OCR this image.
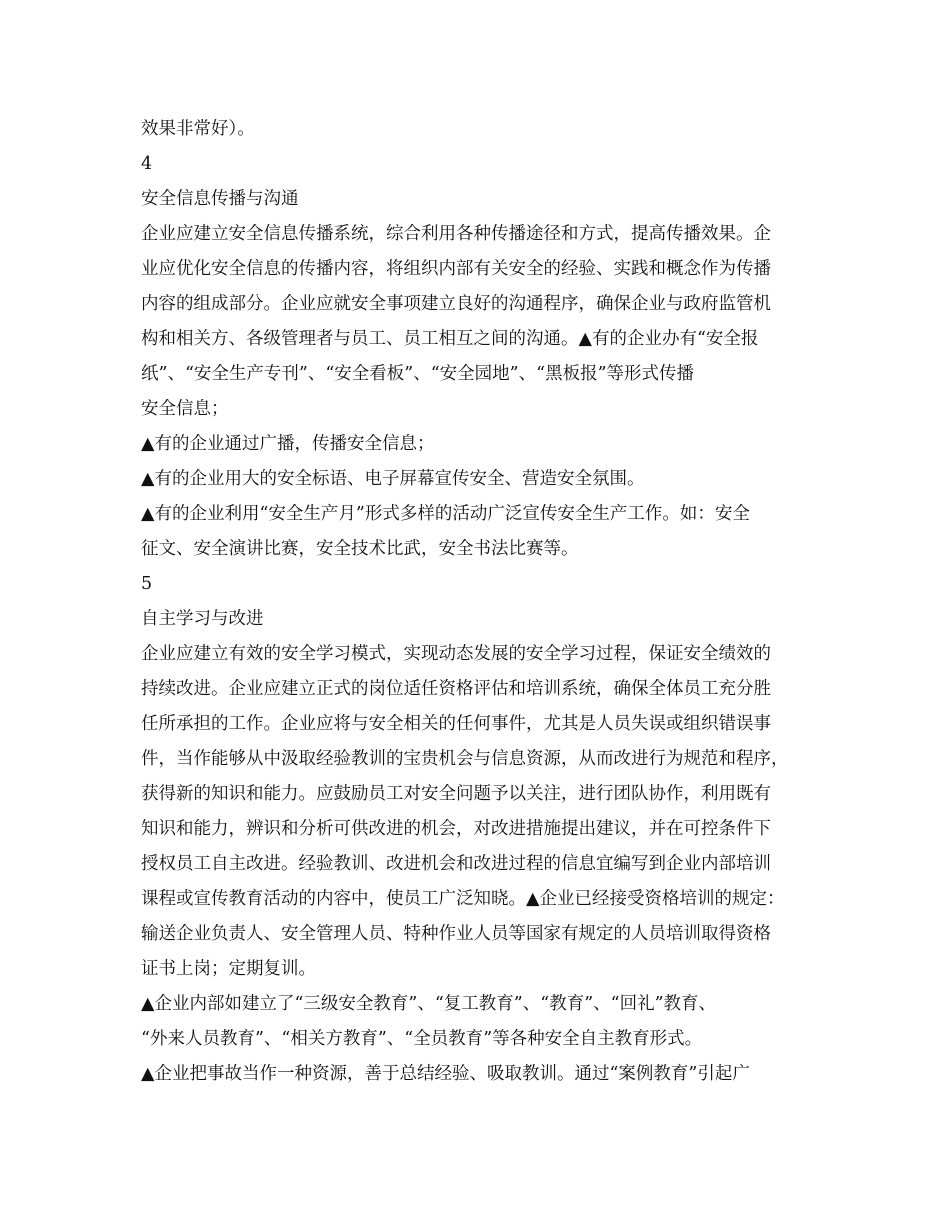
效果非常好）。

4

安全信息传播与沟通

企业应建立安全信息传播系统，综合利用各种传播途径和方式，提高传播效果。企

业应优化安全信息的传播内容，将组织内部有关安全的经验、实践和概念作为传播

内容的组成部分。企业应就安全事项建立良好的沟通程序，确保企业与政府监管机

构和相关方、各级管理者与员工、员工相互之间的沟通。▲有的企业办有“安全报

纸”、“安全生产专刊”、“安全看板”、“安全园地”、“黑板报”等形式传播

安全信息；

▲有的企业通过广播，传播安全信息；

▲有的企业用大的安全标语、电子屏幕宣传安全、营造安全氛围。

▲有的企业利用“安全生产月”形式多样的活动广泛宣传安全生产工作。如：安全

征文、安全演讲比赛，安全技术比武，安全书法比赛等。

5

自主学习与改进

企业应建立有效的安全学习模式，实现动态发展的安全学习过程，保证安全绩效的

持续改进。企业应建立正式的岗位适任资格评估和培训系统，确保全体员工充分胜

任所承担的工作。企业应将与安全相关的任何事件，尤其是人员失误或组织错误事

件，当作能够从中汲取经验教训的宝贵机会与信息资源，从而改进行为规范和程序，

获得新的知识和能力。应鼓励员工对安全问题予以关注，进行团队协作，利用既有

知识和能力，辨识和分析可供改进的机会，对改进措施提出建议，并在可控条件下

授权员工自主改进。经验教训、改进机会和改进过程的信息宜编写到企业内部培训

课程或宣传教育活动的内容中，使员工广泛知晓。▲企业已经接受资格培训的规定：

输送企业负责人、安全管理人员、特种作业人员等国家有规定的人员培训取得资格

证书上岗；定期复训。

▲企业内部如建立了“三级安全教育”、“复工教育”、“教育”、“回礼”教育、

“外来人员教育”、“相关方教育”、“全员教育”等各种安全自主教育形式。

▲企业把事故当作一种资源，善于总结经验、吸取教训。通过“案例教育”引起广
